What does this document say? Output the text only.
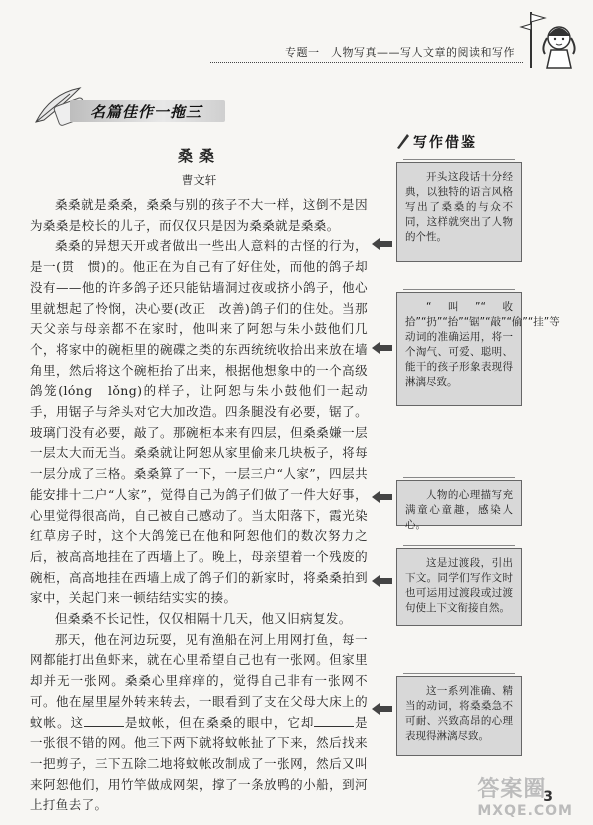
专题一　人物写真——写人文章的阅读和写作
名篇佳作一拖三
桑桑
曹文轩

桑桑就是桑桑，桑桑与别的孩子不大一样，这倒不是因为桑桑是校长的儿子，而仅仅只是因为桑桑就是桑桑。

桑桑的异想天开或者做出一些出人意料的古怪的行为，是一(贯　惯)的。他正在为自己有了好住处，而他的鸽子却没有——他的许多鸽子还只能钻墙洞过夜或挤小鸽子，他心里就想起了怜悯，决心要(改正　改善)鸽子们的住处。当那天父亲与母亲都不在家时，他叫来了阿恕与朱小鼓他们几个，将家中的碗柜里的碗碟之类的东西统统收拾出来放在墙角里，然后将这个碗柜抬了出来，根据他想象中的一个高级鸽笼(lóng　lǒng)的样子，让阿恕与朱小鼓他们一起动手，用锯子与斧头对它大加改造。四条腿没有必要，锯了。玻璃门没有必要，敲了。那碗柜本来有四层，但桑桑嫌一层一层太大而无当。桑桑就让阿恕从家里偷来几块板子，将每一层分成了三格。桑桑算了一下，一层三户“人家”，四层共能安排十二户“人家”，觉得自己为鸽子们做了一件大好事，心里觉得很高尚，自己被自己感动了。当太阳落下，霞光染红草房子时，这个大鸽笼已在他和阿恕他们的数次努力之后，被高高地挂在了西墙上了。晚上，母亲望着一个残废的碗柜，高高地挂在西墙上成了鸽子们的新家时，将桑桑拍到家中，关起门来一顿结结实实的揍。

但桑桑不长记性，仅仅相隔十几天，他又旧病复发。

那天，他在河边玩耍，见有渔船在河上用网打鱼，每一网都能打出鱼虾来，就在心里希望自己也有一张网。但家里却并无一张网。桑桑心里痒痒的，觉得自己非有一张网不可。他在屋里屋外转来转去，一眼看到了支在父母大床上的蚊帐。这	是蚊帐，但在桑桑的眼中，它却	是一张很不错的网。他三下两下就将蚊帐扯了下来，然后找来一把剪子，三下五除二地将蚊帐改制成了一张网，然后又叫来阿恕他们，用竹竿做成网架，撑了一条放鸭的小船，到河上打鱼去了。

写作借鉴
开头这段话十分经典，以独特的语言风格写出了桑桑的与众不同，这样就突出了人物的个性。
“叫”“收拾”“扔”“抬”“锯”“敲”“偷”“挂”等动词的准确运用，将一个淘气、可爱、聪明、能干的孩子形象表现得淋漓尽致。
人物的心理描写充满童心童趣，感染人心。
这是过渡段，引出下文。同学们写作文时也可运用过渡段或过渡句使上下文衔接自然。
这一系列准确、精当的动词，将桑桑急不可耐、兴致高昂的心理表现得淋漓尽致。
3
答案圈
MXQE.COM
